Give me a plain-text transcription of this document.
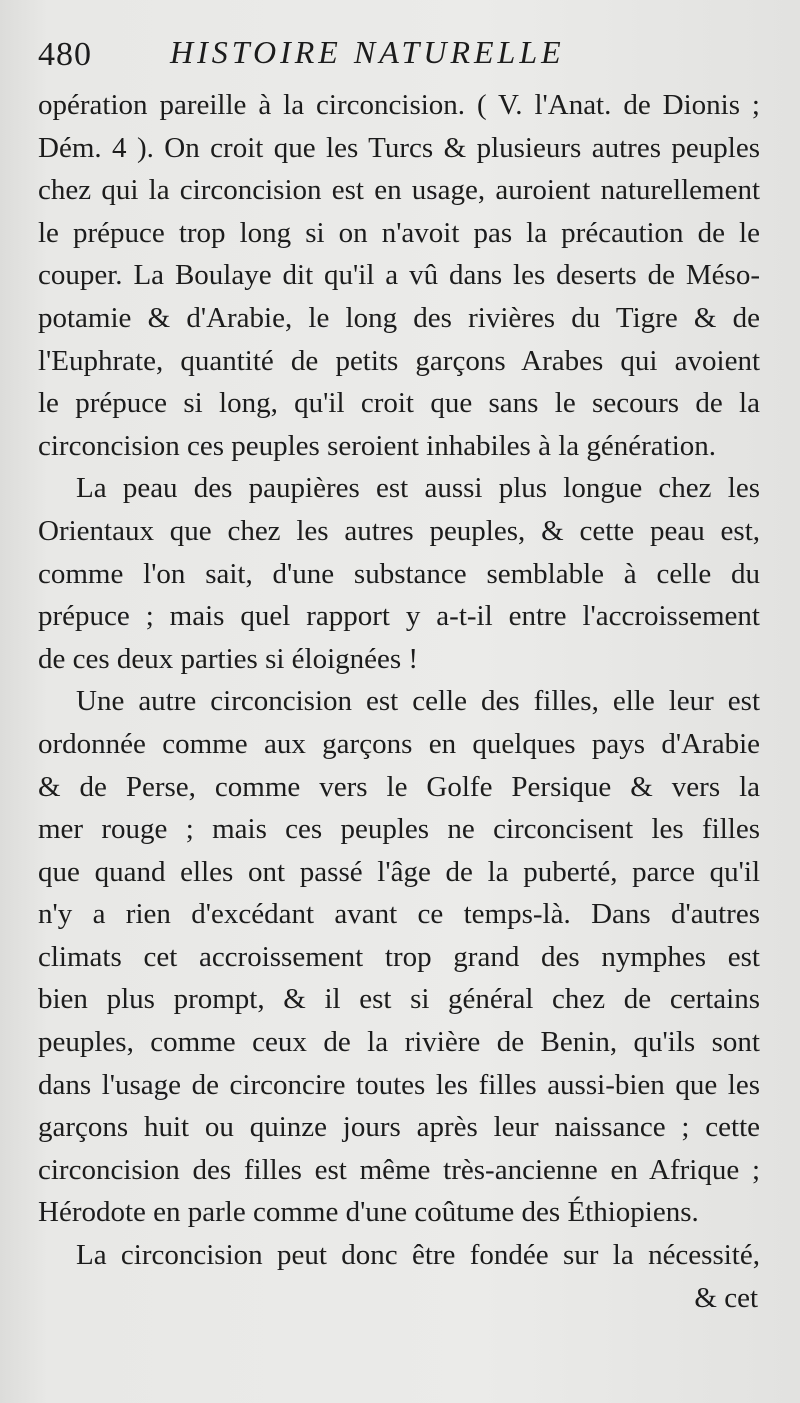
480 HISTOIRE NATURELLE
opération pareille à la circoncision. ( V. l'Anat. de Dionis ;
Dém. 4 ). On croit que les Turcs & plusieurs autres peuples
chez qui la circoncision est en usage, auroient naturellement
le prépuce trop long si on n'avoit pas la précaution de le
couper. La Boulaye dit qu'il a vû dans les deserts de Méso-
potamie & d'Arabie, le long des rivières du Tigre & de
l'Euphrate, quantité de petits garçons Arabes qui avoient
le prépuce si long, qu'il croit que sans le secours de la
circoncision ces peuples seroient inhabiles à la génération.
La peau des paupières est aussi plus longue chez les
Orientaux que chez les autres peuples, & cette peau est,
comme l'on sait, d'une substance semblable à celle du
prépuce ; mais quel rapport y a-t-il entre l'accroissement
de ces deux parties si éloignées !
Une autre circoncision est celle des filles, elle leur est
ordonnée comme aux garçons en quelques pays d'Arabie
& de Perse, comme vers le Golfe Persique & vers la
mer rouge ; mais ces peuples ne circoncisent les filles
que quand elles ont passé l'âge de la puberté, parce qu'il
n'y a rien d'excédant avant ce temps-là. Dans d'autres
climats cet accroissement trop grand des nymphes est
bien plus prompt, & il est si général chez de certains
peuples, comme ceux de la rivière de Benin, qu'ils sont
dans l'usage de circoncire toutes les filles aussi-bien que les
garçons huit ou quinze jours après leur naissance ; cette
circoncision des filles est même très-ancienne en Afrique ;
Hérodote en parle comme d'une coûtume des Éthiopiens.
La circoncision peut donc être fondée sur la nécessité,
& cet
